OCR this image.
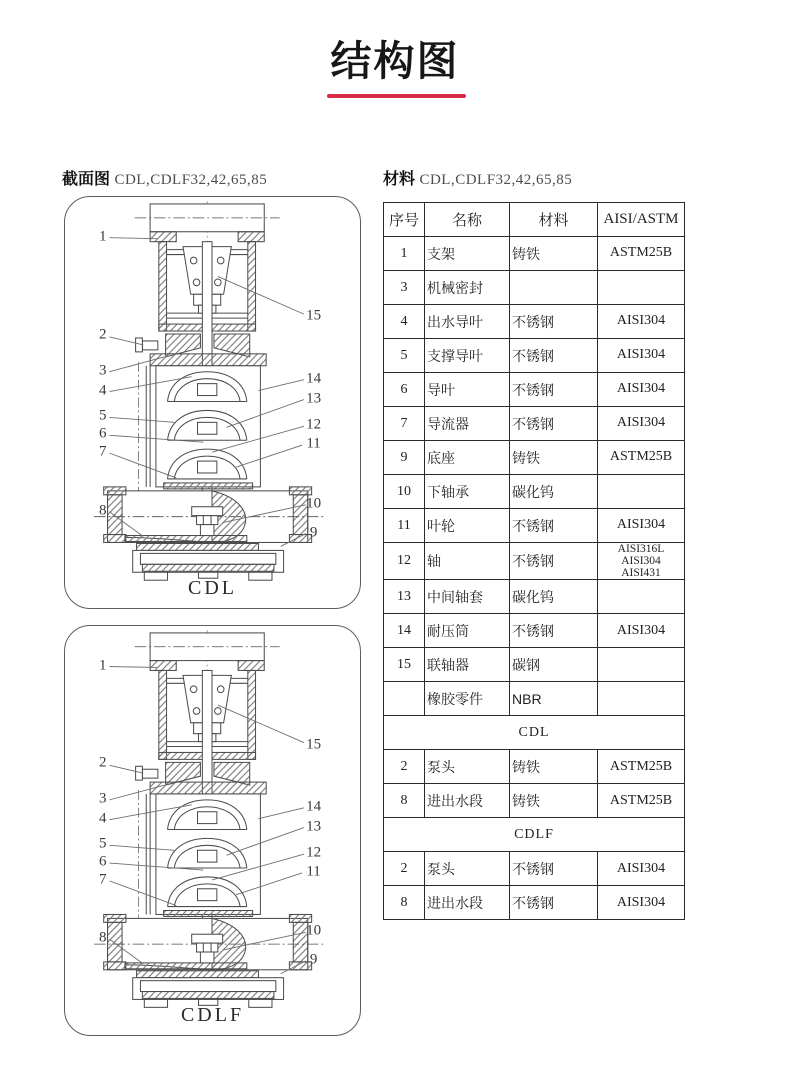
结构图
截面图 CDL,CDLF32,42,65,85	材料 CDL,CDLF32,42,65,85
1
2
3
4
5
6
7
8
15
14
13
12
11
10
9
CDL
1
2
3
4
5
6
7
8
15
14
13
12
11
10
9
CDLF
序号	名称	材料	AISI/ASTM
1	支架	铸铁	ASTM25B

3	机械密封		
4	出水导叶	不锈钢	AISI304

5	支撑导叶	不锈钢	AISI304

6	导叶	不锈钢	AISI304

7	导流器	不锈钢	AISI304

9	底座	铸铁	ASTM25B

10	下轴承	碳化钨	
11	叶轮	不锈钢	AISI304

12	轴	不锈钢	AISI316L
AISI304
AISI431

13	中间轴套	碳化钨	
14	耐压筒	不锈钢	AISI304

15	联轴器	碳钢	
	橡胶零件	NBR	
CDL			
2	泵头	铸铁	ASTM25B

8	进出水段	铸铁	ASTM25B

CDLF			
2	泵头	不锈钢	AISI304

8	进出水段	不锈钢	AISI304
